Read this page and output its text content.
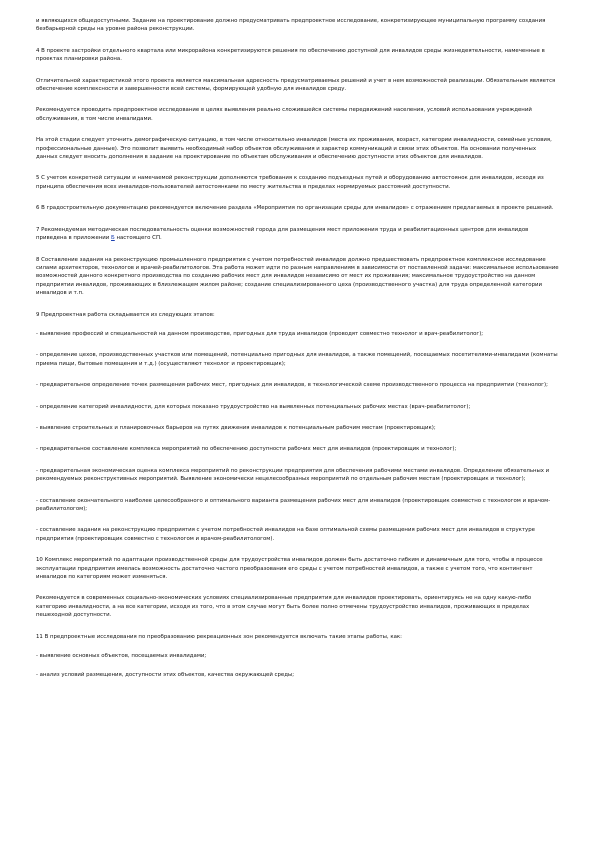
и являющихся общедоступными. Задание на проектирование должно предусматривать предпроектное исследование, конкретизирующее муниципальную программу создания безбарьерной среды на уровне района реконструкции.

4 В проекте застройки отдельного квартала или микрорайона конкретизируются решения по обеспечению доступной для инвалидов среды жизнедеятельности, намеченные в проектах планировки района.

Отличительной характеристикой этого проекта является максимальная адресность предусматриваемых решений и учет в нем возможностей реализации. Обязательным является обеспечение комплексности и завершенности всей системы, формирующей удобную для инвалидов среду.

Рекомендуется проводить предпроектное исследование в целях выявления реально сложившейся системы передвижений населения, условий использования учреждений обслуживания, в том числе инвалидами.

На этой стадии следует уточнить демографическую ситуацию, в том числе относительно инвалидов (места их проживания, возраст, категории инвалидности, семейные условия, профессиональные данные). Это позволит выявить необходимый набор объектов обслуживания и характер коммуникаций и связи этих объектов. На основании полученных данных следует вносить дополнения в задание на проектирование по объектам обслуживания и обеспечению доступности этих объектов для инвалидов.

5 С учетом конкретной ситуации и намечаемой реконструкции дополняются требования к созданию подъездных путей и оборудованию автостоянок для инвалидов, исходя из принципа обеспечения всех инвалидов-пользователей автостоянками по месту жительства в пределах нормируемых расстояний доступности.

6 В градостроительную документацию рекомендуется включение раздела «Мероприятия по организации среды для инвалидов» с отражением предлагаемых в проекте решений.

7 Рекомендуемая методическая последовательность оценки возможностей города для размещения мест приложения труда и реабилитационных центров для инвалидов приведена в приложении Б настоящего СП.

8 Составление задания на реконструкцию промышленного предприятия с учетом потребностей инвалидов должно предшествовать предпроектное комплексное исследование силами архитекторов, технологов и врачей-реабилитологов. Эта работа может идти по разным направлениям в зависимости от поставленной задачи: максимальное использование возможностей данного конкретного производства по созданию рабочих мест для инвалидов независимо от мест их проживания; максимальное трудоустройство на данном предприятии инвалидов, проживающих в близлежащем жилом районе; создание специализированного цеха (производственного участка) для труда определенной категории инвалидов и т.п.

9 Предпроектная работа складывается из следующих этапов:

- выявление профессий и специальностей на данном производстве, пригодных для труда инвалидов (проводят совместно технолог и врач-реабилитолог);

- определение цехов, производственных участков или помещений, потенциально пригодных для инвалидов, а также помещений, посещаемых посетителями-инвалидами (комнаты приема пищи, бытовые помещения и т.д.) (осуществляют технолог и проектировщик);

- предварительное определение точек размещения рабочих мест, пригодных для инвалидов, в технологической схеме производственного процесса на предприятии (технолог);

- определение категорий инвалидности, для которых показано трудоустройство на выявленных потенциальных рабочих местах (врач-реабилитолог);

- выявление строительных и планировочных барьеров на путях движения инвалидов к потенциальным рабочим местам (проектировщик);

- предварительное составление комплекса мероприятий по обеспечению доступности рабочих мест для инвалидов (проектировщик и технолог);

- предварительная экономическая оценка комплекса мероприятий по реконструкции предприятия для обеспечения рабочими местами инвалидов. Определение обязательных и рекомендуемых реконструктивных мероприятий. Выявление экономически нецелесообразных мероприятий по отдельным рабочим местам (проектировщик и технолог);

- составление окончательного наиболее целесообразного и оптимального варианта размещения рабочих мест для инвалидов (проектировщик совместно с технологом и врачом-реабилитологом);

- составление задания на реконструкцию предприятия с учетом потребностей инвалидов на базе оптимальной схемы размещения рабочих мест для инвалидов в структуре предприятия (проектировщик совместно с технологом и врачом-реабилитологом).

10 Комплекс мероприятий по адаптации производственной среды для трудоустройства инвалидов должен быть достаточно гибким и динамичным для того, чтобы в процессе эксплуатации предприятия имелась возможность достаточно частого преобразования его среды с учетом потребностей инвалидов, а также с учетом того, что контингент инвалидов по категориям может изменяться.

Рекомендуется в современных социально-экономических условиях специализированные предприятия для инвалидов проектировать, ориентируясь не на одну какую-либо категорию инвалидности, а на все категории, исходя из того, что в этом случае могут быть более полно отмечены трудоустройство инвалидов, проживающих в пределах пешеходной доступности.

11 В предпроектные исследования по преобразованию рекреационных зон рекомендуется включать такие этапы работы, как:

- выявление основных объектов, посещаемых инвалидами;

- анализ условий размещения, доступности этих объектов, качества окружающей среды;
